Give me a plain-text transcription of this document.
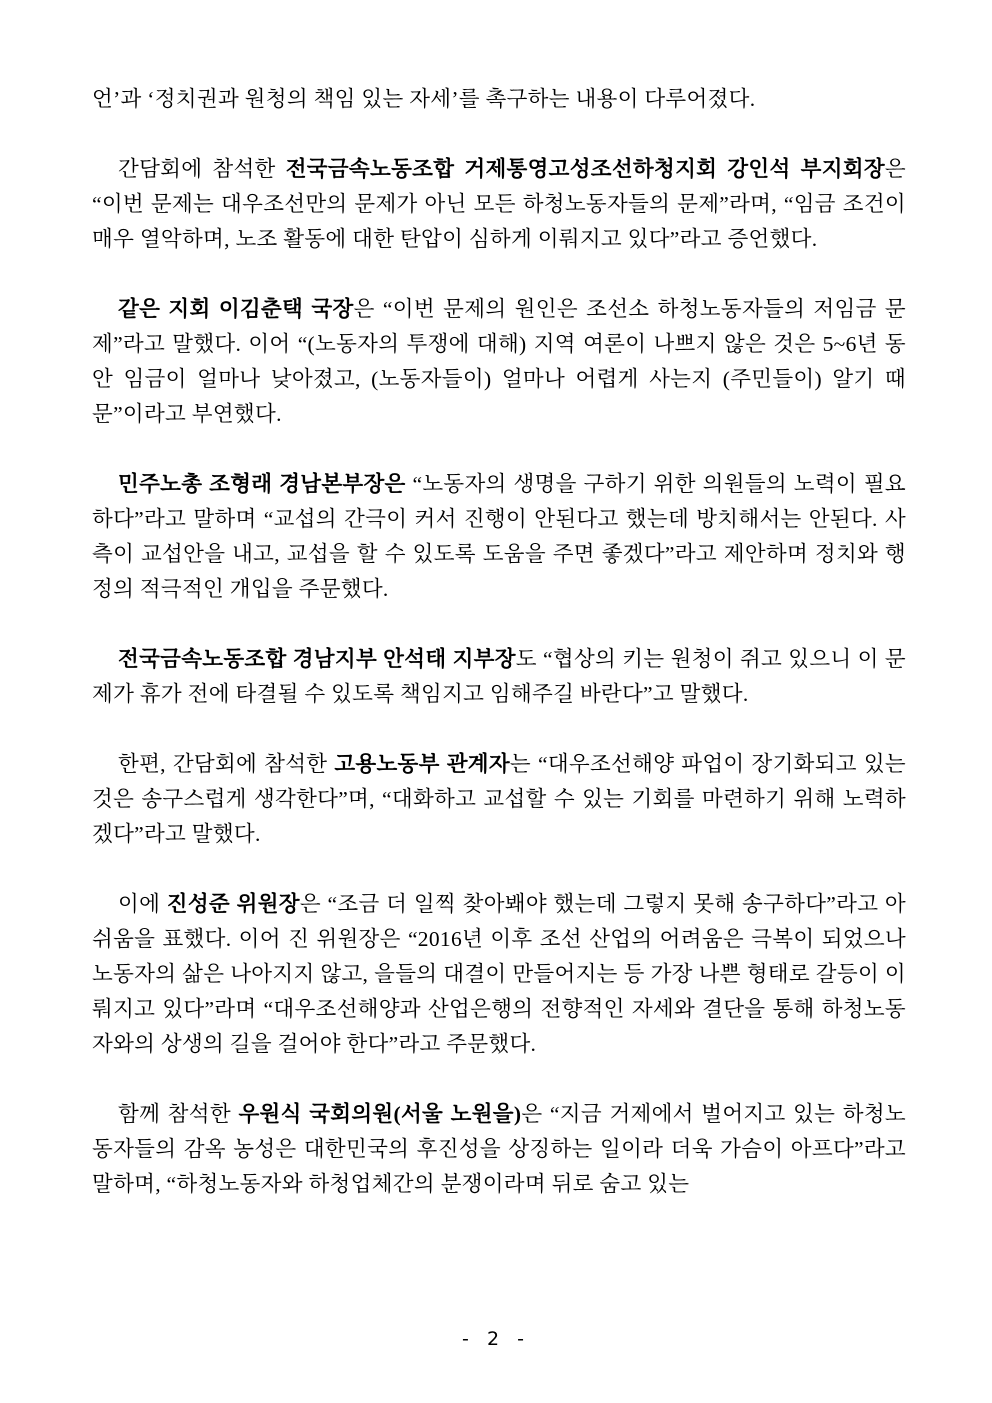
언’과 ‘정치권과 원청의 책임 있는 자세’를 촉구하는 내용이 다루어졌다.

간담회에 참석한 전국금속노동조합 거제통영고성조선하청지회 강인석 부지회장은 “이번 문제는 대우조선만의 문제가 아닌 모든 하청노동자들의 문제”라며, “임금 조건이 매우 열악하며, 노조 활동에 대한 탄압이 심하게 이뤄지고 있다”라고 증언했다.

같은 지회 이김춘택 국장은 “이번 문제의 원인은 조선소 하청노동자들의 저임금 문제”라고 말했다. 이어 “(노동자의 투쟁에 대해) 지역 여론이 나쁘지 않은 것은 5~6년 동안 임금이 얼마나 낮아졌고, (노동자들이) 얼마나 어렵게 사는지 (주민들이) 알기 때문”이라고 부연했다.

민주노총 조형래 경남본부장은 “노동자의 생명을 구하기 위한 의원들의 노력이 필요하다”라고 말하며 “교섭의 간극이 커서 진행이 안된다고 했는데 방치해서는 안된다. 사측이 교섭안을 내고, 교섭을 할 수 있도록 도움을 주면 좋겠다”라고 제안하며 정치와 행정의 적극적인 개입을 주문했다.

전국금속노동조합 경남지부 안석태 지부장도 “협상의 키는 원청이 쥐고 있으니 이 문제가 휴가 전에 타결될 수 있도록 책임지고 임해주길 바란다”고 말했다.

한편, 간담회에 참석한 고용노동부 관계자는 “대우조선해양 파업이 장기화되고 있는 것은 송구스럽게 생각한다”며, “대화하고 교섭할 수 있는 기회를 마련하기 위해 노력하겠다”라고 말했다.

이에 진성준 위원장은 “조금 더 일찍 찾아봬야 했는데 그렇지 못해 송구하다”라고 아쉬움을 표했다. 이어 진 위원장은 “2016년 이후 조선 산업의 어려움은 극복이 되었으나 노동자의 삶은 나아지지 않고, 을들의 대결이 만들어지는 등 가장 나쁜 형태로 갈등이 이뤄지고 있다”라며 “대우조선해양과 산업은행의 전향적인 자세와 결단을 통해 하청노동자와의 상생의 길을 걸어야 한다”라고 주문했다.

함께 참석한 우원식 국회의원(서울 노원을)은 “지금 거제에서 벌어지고 있는 하청노동자들의 감옥 농성은 대한민국의 후진성을 상징하는 일이라 더욱 가슴이 아프다”라고 말하며, “하청노동자와 하청업체간의 분쟁이라며 뒤로 숨고 있는

- 2 -
